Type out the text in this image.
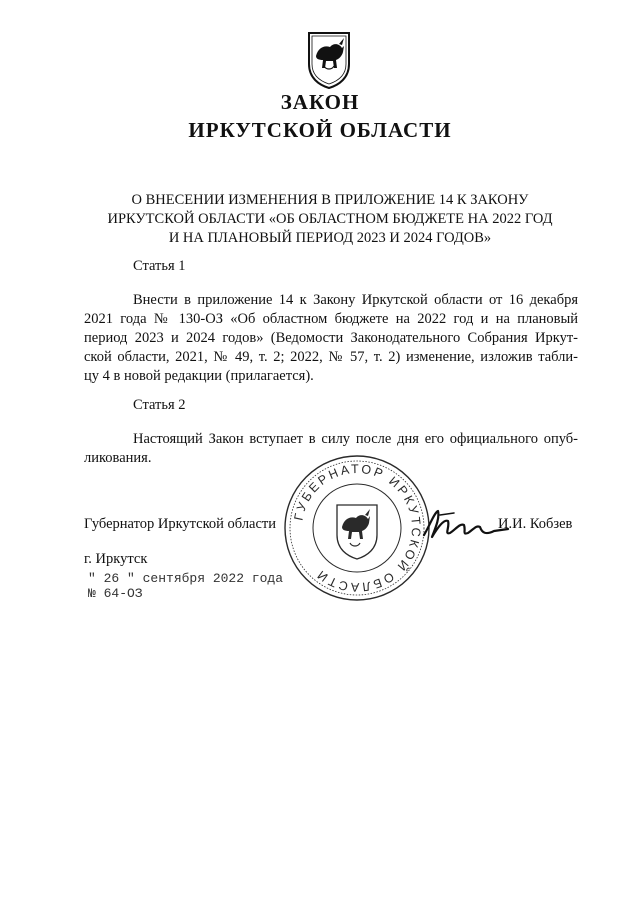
ЗАКОН
ИРКУТСКОЙ ОБЛАСТИ
О ВНЕСЕНИИ ИЗМЕНЕНИЯ В ПРИЛОЖЕНИЕ 14 К ЗАКОНУ
ИРКУТСКОЙ ОБЛАСТИ «ОБ ОБЛАСТНОМ БЮДЖЕТЕ НА 2022 ГОД
И НА ПЛАНОВЫЙ ПЕРИОД 2023 И 2024 ГОДОВ»
Статья 1
Внести в приложение 14 к Закону Иркутской области от 16 декабря
2021 года № 130-ОЗ «Об областном бюджете на 2022 год и на плановый
период 2023 и 2024 годов» (Ведомости Законодательного Собрания Иркут-
ской области, 2021, № 49, т. 2; 2022, № 57, т. 2) изменение, изложив табли-
цу 4 в новой редакции (прилагается).
Статья 2
Настоящий Закон вступает в силу после дня его официального опуб-
ликования.
ГУБЕРНАТОР ИРКУТСКОЙ ОБЛАСТИ
Губернатор Иркутской области	И.И. Кобзев
г. Иркутск
" 26 " сентября 2022 года
№ 64-ОЗ
